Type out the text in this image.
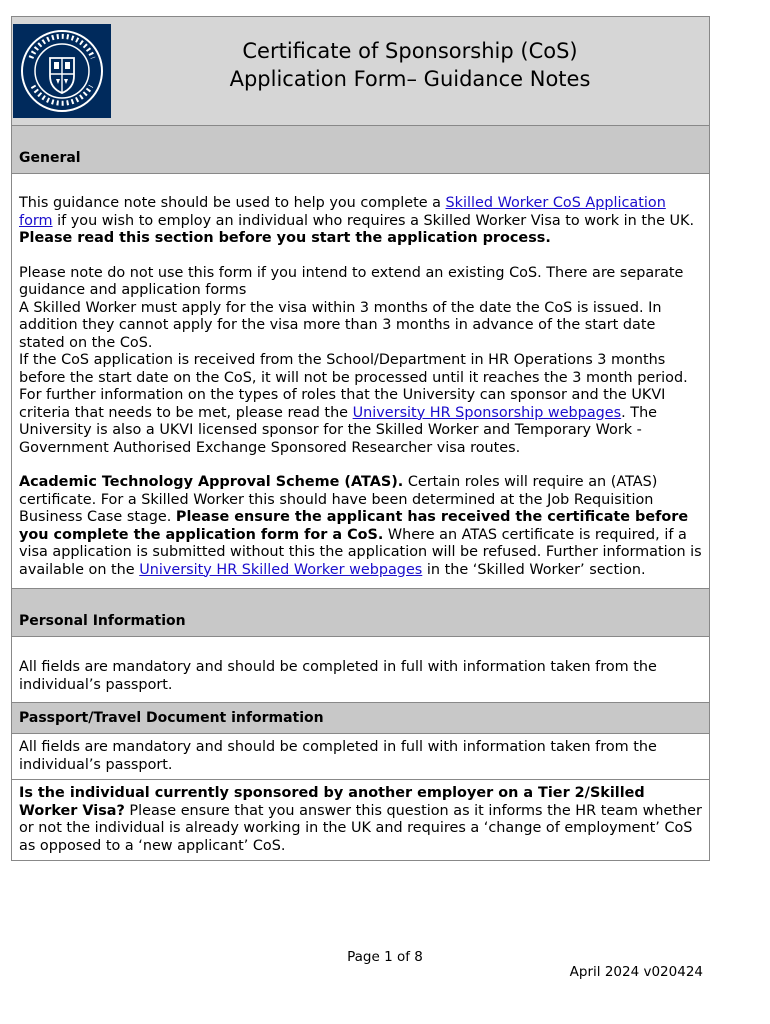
Certificate of Sponsorship (CoS)
Application Form– Guidance Notes
General

This guidance note should be used to help you complete a Skilled Worker CoS Application form if you wish to employ an individual who requires a Skilled Worker Visa to work in the UK. Please read this section before you start the application process.

Please note do not use this form if you intend to extend an existing CoS. There are separate guidance and application forms

A Skilled Worker must apply for the visa within 3 months of the date the CoS is issued. In addition they cannot apply for the visa more than 3 months in advance of the start date stated on the CoS.

If the CoS application is received from the School/Department in HR Operations 3 months before the start date on the CoS, it will not be processed until it reaches the 3 month period.

For further information on the types of roles that the University can sponsor and the UKVI criteria that needs to be met, please read the University HR Sponsorship webpages. The University is also a UKVI licensed sponsor for the Skilled Worker and Temporary Work - Government Authorised Exchange Sponsored Researcher visa routes.

Academic Technology Approval Scheme (ATAS). Certain roles will require an (ATAS) certificate. For a Skilled Worker this should have been determined at the Job Requisition Business Case stage. Please ensure the applicant has received the certificate before you complete the application form for a CoS. Where an ATAS certificate is required, if a visa application is submitted without this the application will be refused. Further information is available on the University HR Skilled Worker webpages in the ‘Skilled Worker’ section.

Personal Information

All fields are mandatory and should be completed in full with information taken from the individual’s passport.

Passport/Travel Document information

All fields are mandatory and should be completed in full with information taken from the individual’s passport.

Is the individual currently sponsored by another employer on a Tier 2/Skilled Worker Visa? Please ensure that you answer this question as it informs the HR team whether or not the individual is already working in the UK and requires a ‘change of employment’ CoS as opposed to a ‘new applicant’ CoS.

Page 1 of 8
April 2024 v020424
